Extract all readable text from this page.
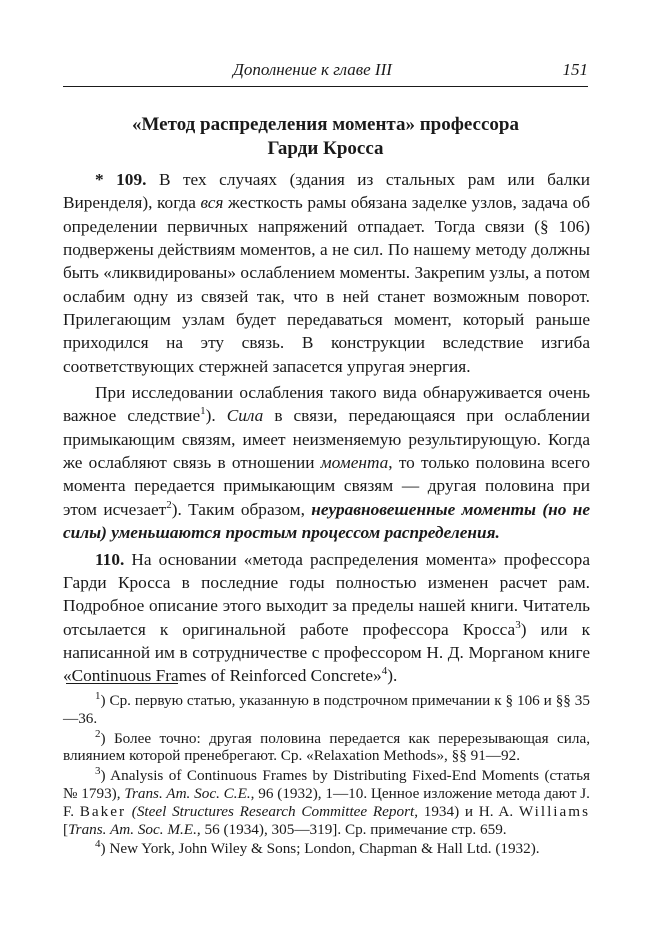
Дополнение к главе III	151
«Метод распределения момента» профессора
Гарди Кросса

* 109. В тех случаях (здания из стальных рам или балки Виренделя), когда вся жесткость рамы обязана заделке узлов, задача об определении первичных напряжений отпадает. Тогда связи (§ 106) подвержены действиям моментов, а не сил. По нашему методу должны быть «ликвидированы» ослаблением моменты. Закрепим узлы, а потом ослабим одну из связей так, что в ней станет возможным поворот. Прилегающим узлам будет передаваться момент, который раньше приходился на эту связь. В конструкции вследствие изгиба соответствующих стержней запасется упругая энергия.

При исследовании ослабления такого вида обнаруживается очень важное следствие$^1$). Сила в связи, передающаяся при ослаблении примыкающим связям, имеет неизменяемую результирующую. Когда же ослабляют связь в отношении момента, то только половина всего момента передается примыкающим связям — другая половина при этом исчезает$^2$). Таким образом, неуравновешенные моменты (но не силы) уменьшаются простым процессом распределения.

110. На основании «метода распределения момента» профессора Гарди Кросса в последние годы полностью изменен расчет рам. Подробное описание этого выходит за пределы нашей книги. Читатель отсылается к оригинальной работе профессора Кросса$^3$) или к написанной им в сотрудничестве с профессором Н. Д. Морганом книге «Continuous Frames of Reinforced Concrete»$^4$).

$^1$) Ср. первую статью, указанную в подстрочном примечании к § 106 и §§ 35—36.

$^2$) Более точно: другая половина передается как перерезывающая сила, влиянием которой пренебрегают. Ср. «Relaxation Methods», §§ 91—92.

$^3$) Analysis of Continuous Frames by Distributing Fixed-End Moments (статья № 1793), Trans. Am. Soc. C.E., 96 (1932), 1—10. Ценное изложение метода дают J. F. Baker (Steel Structures Research Committee Report, 1934) и H. A. Williams [Trans. Am. Soc. M.E., 56 (1934), 305—319]. Ср. примечание стр. 659.

$^4$) New York, John Wiley & Sons; London, Chapman & Hall Ltd. (1932).
